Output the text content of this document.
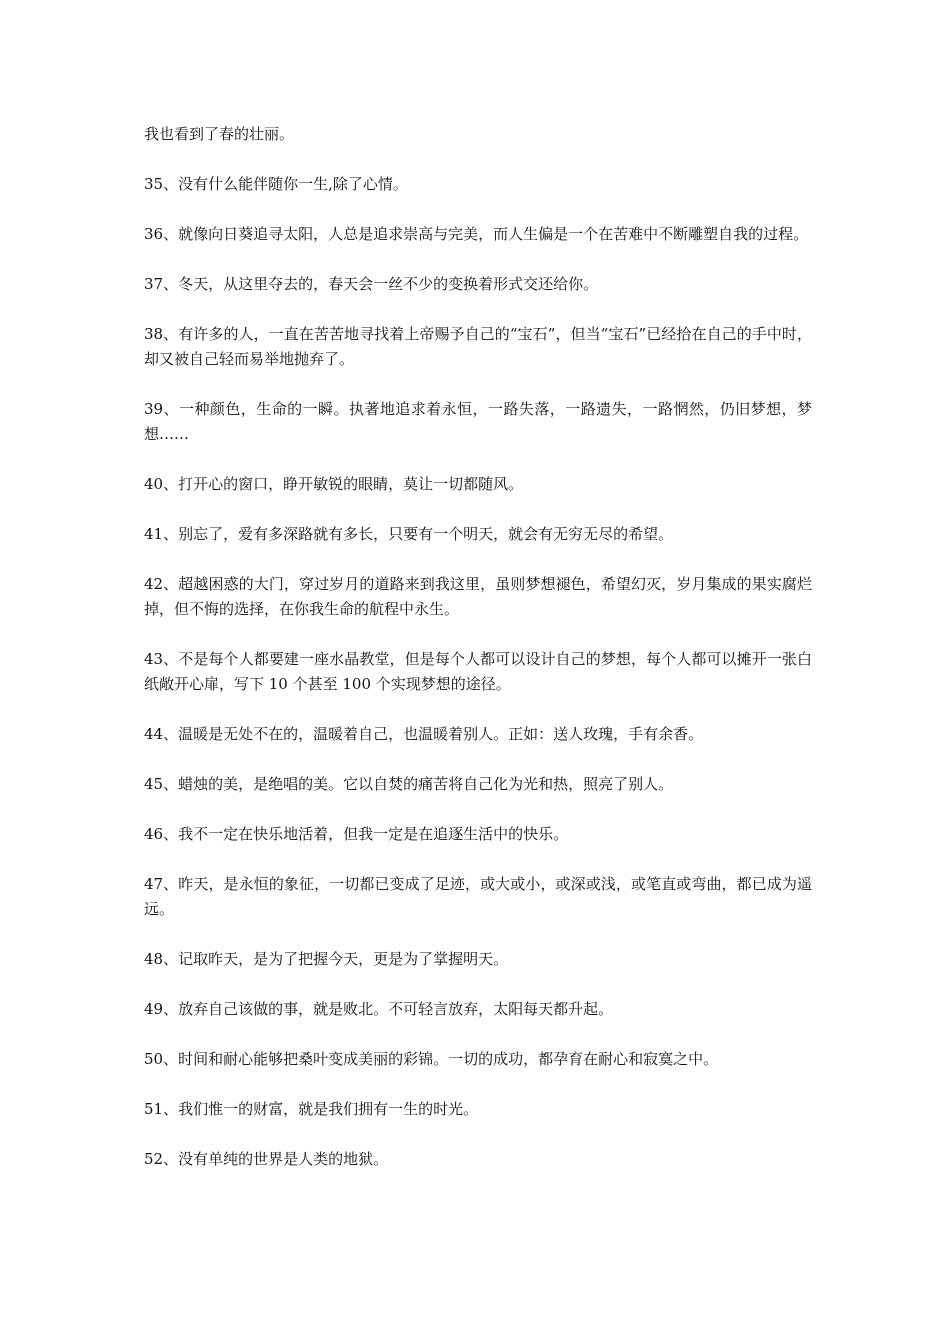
我也看到了春的壮丽。

35、没有什么能伴随你一生,除了心情。

36、就像向日葵追寻太阳，人总是追求崇高与完美，而人生偏是一个在苦难中不断雕塑自我的过程。

37、冬天，从这里夺去的，春天会一丝不少的变换着形式交还给你。

38、有许多的人，一直在苦苦地寻找着上帝赐予自己的“宝石”，但当“宝石”已经拾在自己的手中时，却又被自己轻而易举地抛弃了。

39、一种颜色，生命的一瞬。执著地追求着永恒，一路失落，一路遗失，一路惘然，仍旧梦想，梦想……

40、打开心的窗口，睁开敏锐的眼睛，莫让一切都随风。

41、别忘了，爱有多深路就有多长，只要有一个明天，就会有无穷无尽的希望。

42、超越困惑的大门，穿过岁月的道路来到我这里，虽则梦想褪色，希望幻灭，岁月集成的果实腐烂掉，但不悔的选择，在你我生命的航程中永生。

43、不是每个人都要建一座水晶教堂，但是每个人都可以设计自己的梦想，每个人都可以摊开一张白纸敞开心扉，写下 10 个甚至 100 个实现梦想的途径。

44、温暖是无处不在的，温暖着自己，也温暖着别人。正如：送人玫瑰，手有余香。

45、蜡烛的美，是绝唱的美。它以自焚的痛苦将自己化为光和热，照亮了别人。

46、我不一定在快乐地活着，但我一定是在追逐生活中的快乐。

47、昨天，是永恒的象征，一切都已变成了足迹，或大或小，或深或浅，或笔直或弯曲，都已成为遥远。

48、记取昨天，是为了把握今天，更是为了掌握明天。

49、放弃自己该做的事，就是败北。不可轻言放弃，太阳每天都升起。

50、时间和耐心能够把桑叶变成美丽的彩锦。一切的成功，都孕育在耐心和寂寞之中。

51、我们惟一的财富，就是我们拥有一生的时光。

52、没有单纯的世界是人类的地狱。
